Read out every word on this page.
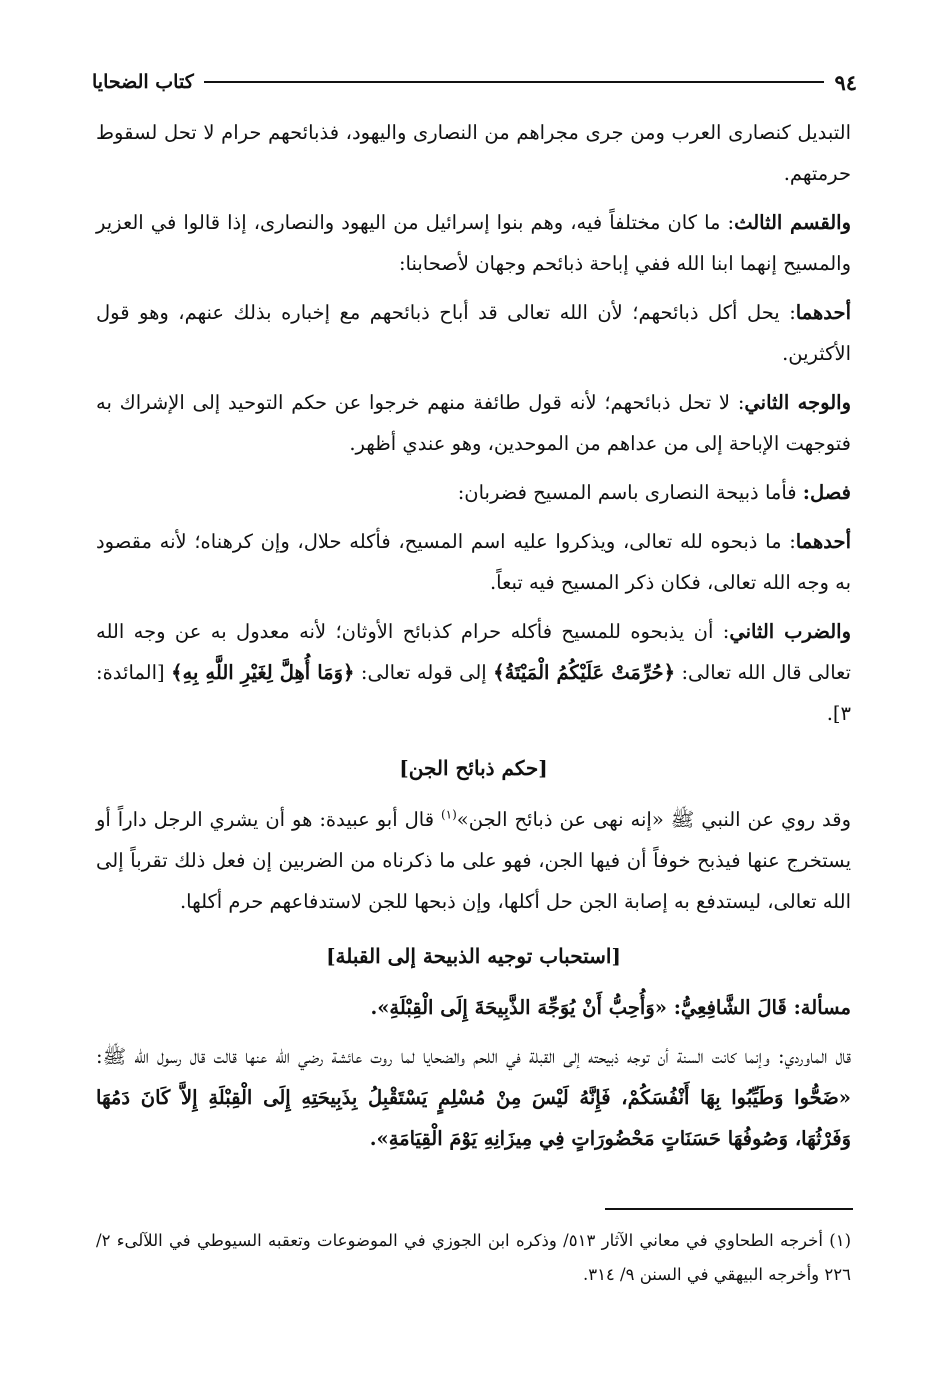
٩٤
كتاب الضحايا

التبديل كنصارى العرب ومن جرى مجراهم من النصارى واليهود، فذبائحهم حرام لا تحل لسقوط حرمتهم.

والقسم الثالث: ما كان مختلفاً فيه، وهم بنوا إسرائيل من اليهود والنصارى، إذا قالوا في العزير والمسيح إنهما ابنا الله ففي إباحة ذبائحم وجهان لأصحابنا:

أحدهما: يحل أكل ذبائحهم؛ لأن الله تعالى قد أباح ذبائحهم مع إخباره بذلك عنهم، وهو قول الأكثرين.

والوجه الثاني: لا تحل ذبائحهم؛ لأنه قول طائفة منهم خرجوا عن حكم التوحيد إلى الإشراك به فتوجهت الإباحة إلى من عداهم من الموحدين، وهو عندي أظهر.

فصل: فأما ذبيحة النصارى باسم المسيح فضربان:

أحدهما: ما ذبحوه لله تعالى، ويذكروا عليه اسم المسيح، فأكله حلال، وإن كرهناه؛ لأنه مقصود به وجه الله تعالى، فكان ذكر المسيح فيه تبعاً.

والضرب الثاني: أن يذبحوه للمسيح فأكله حرام كذبائح الأوثان؛ لأنه معدول به عن وجه الله تعالى قال الله تعالى: ﴿حُرِّمَتْ عَلَيْكُمُ الْمَيْتَةُ﴾ إلى قوله تعالى: ﴿وَمَا أُهِلَّ لِغَيْرِ اللَّهِ بِهِ﴾ [المائدة: ٣].

[حكم ذبائح الجن]

وقد روي عن النبي ﷺ «إنه نهى عن ذبائح الجن»$^{(١)}$ قال أبو عبيدة: هو أن يشري الرجل داراً أو يستخرج عنها فيذبح خوفاً أن فيها الجن، فهو على ما ذكرناه من الضربين إن فعل ذلك تقرباً إلى الله تعالى، ليستدفع به إصابة الجن حل أكلها، وإن ذبحها للجن لاستدفاعهم حرم أكلها.

[استحباب توجيه الذبيحة إلى القبلة]

مسألة: قَالَ الشَّافِعِيُّ: «وَأُحِبُّ أَنْ يُوَجِّهَ الذَّبِيحَةَ إِلَى الْقِبْلَةِ».

قال الماوردي: وإنما كانت السنة أن توجه ذبيحته إلى القبلة في اللحم والضحايا لما روت عائشة رضي الله عنها قالت قال رسول الله ﷺ: «ضَحُّوا وَطَيِّبُوا بِهَا أَنْفُسَكُمْ، فَإِنَّهُ لَيْسَ مِنْ مُسْلِمٍ يَسْتَقْبِلُ بِذَبِيحَتِهِ إِلَى الْقِبْلَةِ إِلاَّ كَانَ دَمُهَا وَفَرْثُهَا، وَصُوفُهَا حَسَنَاتٍ مَحْضُورَاتٍ فِي مِيزَانِهِ يَوْمَ الْقِيَامَةِ».

(١) أخرجه الطحاوي في معاني الآثار ٥١٣/ وذكره ابن الجوزي في الموضوعات وتعقبه السيوطي في اللآلىء ٢/ ٢٢٦ وأخرجه البيهقي في السنن ٩/ ٣١٤.
